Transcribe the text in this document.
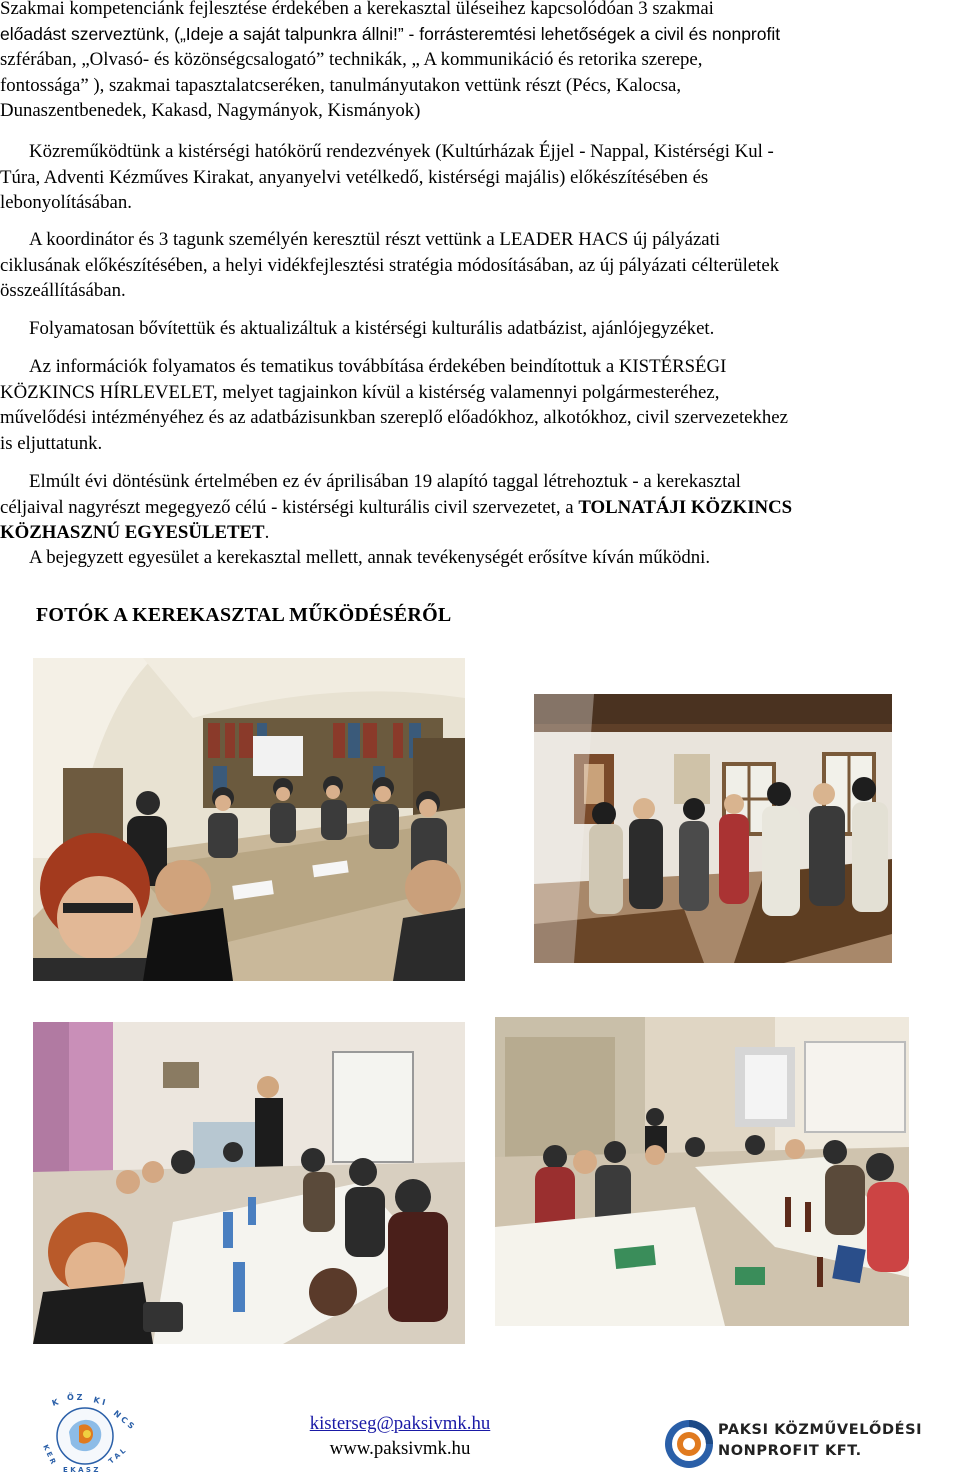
Szakmai kompetenciánk fejlesztése érdekében a kerekasztal üléseihez kapcsolódóan 3 szakmai
előadást szerveztünk, („Ideje a saját talpunkra állni!” - forrásteremtési lehetőségek a civil és nonprofit
szférában, „Olvasó- és közönségcsalogató” technikák, „ A kommunikáció és retorika szerepe,
fontossága” ), szakmai tapasztalatcseréken, tanulmányutakon vettünk részt (Pécs, Kalocsa,
Dunaszentbenedek, Kakasd, Nagymányok, Kismányok)
Közreműködtünk a kistérségi hatókörű rendezvények (Kultúrházak Éjjel - Nappal, Kistérségi Kul -
Túra, Adventi Kézműves Kirakat, anyanyelvi vetélkedő, kistérségi majális) előkészítésében és
lebonyolításában.
A koordinátor és 3 tagunk személyén keresztül részt vettünk a LEADER HACS új pályázati
ciklusának előkészítésében, a helyi vidékfejlesztési stratégia módosításában, az új pályázati célterületek
összeállításában.
Folyamatosan bővítettük és aktualizáltuk a kistérségi kulturális adatbázist, ajánlójegyzéket.
Az információk folyamatos és tematikus továbbítása érdekében beindítottuk a KISTÉRSÉGI
KÖZKINCS HÍRLEVELET, melyet tagjainkon kívül a kistérség valamennyi polgármesteréhez,
művelődési intézményéhez és az adatbázisunkban szereplő előadókhoz, alkotókhoz, civil szervezetekhez
is eljuttatunk.
Elmúlt évi döntésünk értelmében ez év áprilisában 19 alapító taggal létrehoztuk - a kerekasztal
céljaival nagyrészt megegyező célú - kistérségi kulturális civil szervezetet, a TOLNATÁJI KÖZKINCS
KÖZHASZNÚ EGYESÜLETET.
A bejegyzett egyesület a kerekasztal mellett, annak tevékenységét erősítve kíván működni.
FOTÓK A KEREKASZTAL MŰKÖDÉSÉRŐL
K Ö Z K I
N C S
K E R
E K A S Z
T A L
kisterseg@paksivmk.hu
www.paksivmk.hu
PAKSI KÖZMŰVELŐDÉSI
NONPROFIT KFT.
